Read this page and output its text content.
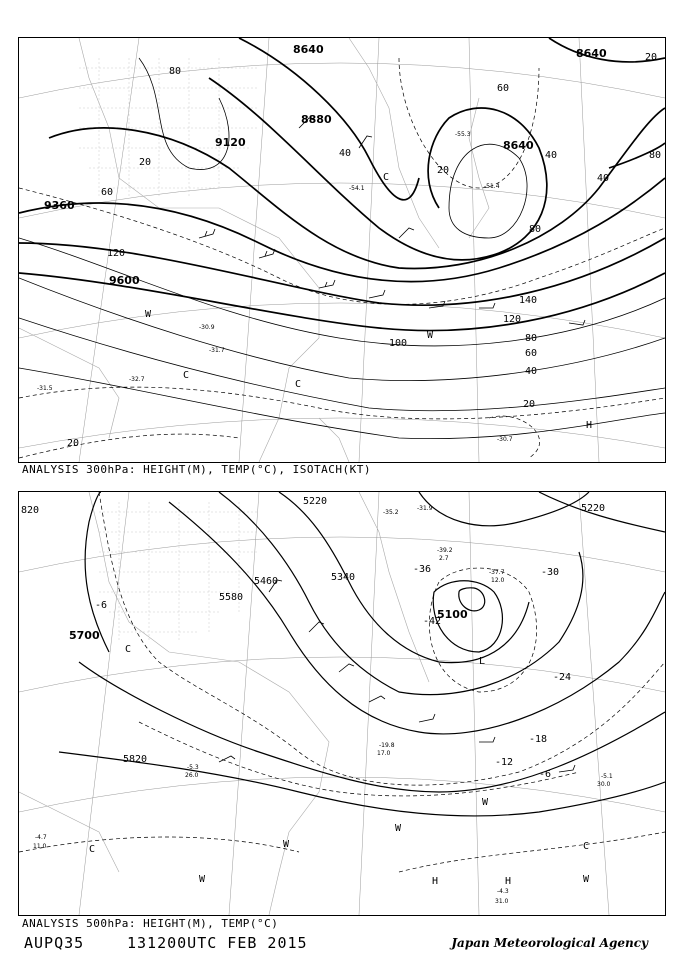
8640
8880
9120
9360
9600
8640
8640
120
100	80
60
40
20
140
120
80
60
40
20
80
40
60
40	80
20
20
20
-30.7
-32.7
-31.7
-30.9
-31.5
-55.3
-54.1	-51.4
W
W
C
C
C
H
ANALYSIS 300hPa: HEIGHT(M), TEMP(°C), ISOTACH(KT)
5700
5820
5460
5580
5340
5220
5100
5220
820
-36
-42
-30
-24
-18
-12
-6
-6
C
W
W
C
H	H
W	W
C
W
L
-4.7
11.0
-4.3
31.0
-5.1
30.0
-35.2
-31.9
-39.2
2.7
-37.7
12.0
-5.3
26.0
-19.8
17.0
ANALYSIS 500hPa: HEIGHT(M), TEMP(°C)
AUPQ35	131200UTC FEB 2015	Japan Meteorological Agency
